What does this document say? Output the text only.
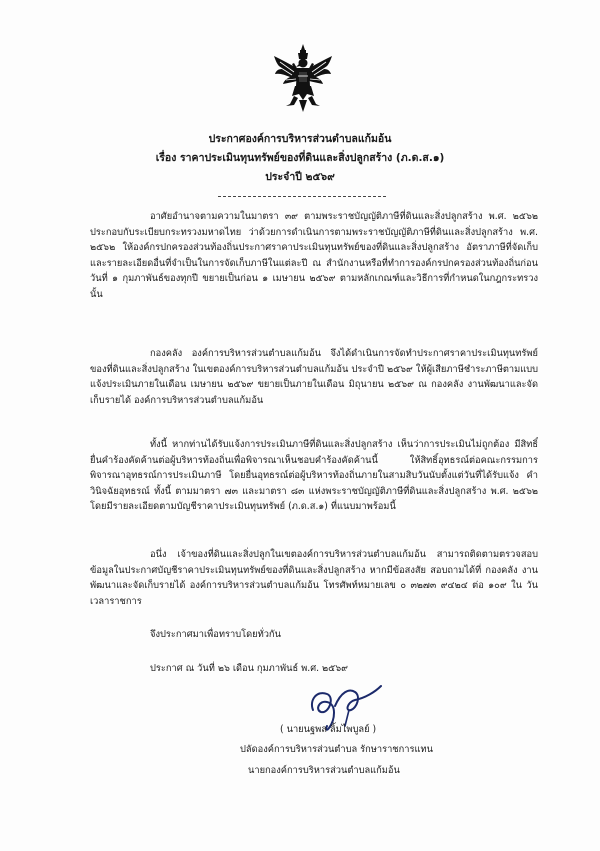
ประกาศองค์การบริหารส่วนตำบลแก้มอ้น
เรื่อง ราคาประเมินทุนทรัพย์ของที่ดินและสิ่งปลูกสร้าง (ภ.ด.ส.๑)
ประจำปี ๒๕๖๙
อาศัยอำนาจตามความในมาตรา ๓๙ ตามพระราชบัญญัติภาษีที่ดินและสิ่งปลูกสร้าง พ.ศ. ๒๕๖๒ ประกอบกับระเบียบกระทรวงมหาดไทย ว่าด้วยการดำเนินการตามพระราชบัญญัติภาษีที่ดินและสิ่งปลูกสร้าง พ.ศ. ๒๕๖๒ ให้องค์กรปกครองส่วนท้องถิ่นประกาศราคาประเมินทุนทรัพย์ของที่ดินและสิ่งปลูกสร้าง อัตราภาษีที่จัดเก็บ และรายละเอียดอื่นที่จำเป็นในการจัดเก็บภาษีในแต่ละปี ณ สำนักงานหรือที่ทำการองค์กรปกครองส่วนท้องถิ่นก่อนวันที่ ๑ กุมภาพันธ์ของทุกปี ขยายเป็นก่อน ๑ เมษายน ๒๕๖๙ ตามหลักเกณฑ์และวิธีการที่กำหนดในกฎกระทรวง นั้น
กองคลัง องค์การบริหารส่วนตำบลแก้มอ้น จึงได้ดำเนินการจัดทำประกาศราคาประเมินทุนทรัพย์ของที่ดินและสิ่งปลูกสร้าง ในเขตองค์การบริหารส่วนตำบลแก้มอ้น ประจำปี ๒๕๖๙ ให้ผู้เสียภาษีชำระภาษีตามแบบแจ้งประเมินภายในเดือน เมษายน ๒๕๖๙ ขยายเป็นภายในเดือน มิถุนายน ๒๕๖๙ ณ กองคลัง งานพัฒนาและจัดเก็บรายได้ องค์การบริหารส่วนตำบลแก้มอ้น
ทั้งนี้ หากท่านได้รับแจ้งการประเมินภาษีที่ดินและสิ่งปลูกสร้าง เห็นว่าการประเมินไม่ถูกต้อง มีสิทธิ์ยื่นคำร้องคัดค้านต่อผู้บริหารท้องถิ่นเพื่อพิจารณาเห็นชอบคำร้องคัดค้านนี้ ให้สิทธิ์อุทธรณ์ต่อคณะกรรมการพิจารณาอุทธรณ์การประเมินภาษี โดยยื่นอุทธรณ์ต่อผู้บริหารท้องถิ่นภายในสามสิบวันนับตั้งแต่วันที่ได้รับแจ้ง คำวินิจฉัยอุทธรณ์ ทั้งนี้ ตามมาตรา ๗๓ และมาตรา ๘๓ แห่งพระราชบัญญัติภาษีที่ดินและสิ่งปลูกสร้าง พ.ศ. ๒๕๖๒ โดยมีรายละเอียดตามบัญชีราคาประเมินทุนทรัพย์ (ภ.ด.ส.๑) ที่แนบมาพร้อมนี้
อนึ่ง เจ้าของที่ดินและสิ่งปลูกในเขตองค์การบริหารส่วนตำบลแก้มอ้น สามารถติดตามตรวจสอบข้อมูลในประกาศบัญชีราคาประเมินทุนทรัพย์ของที่ดินและสิ่งปลูกสร้าง หากมีข้อสงสัย สอบถามได้ที่ กองคลัง งานพัฒนาและจัดเก็บรายได้ องค์การบริหารส่วนตำบลแก้มอ้น โทรศัพท์หมายเลข ๐ ๓๒๗๓ ๙๔๒๔ ต่อ ๑๐๙ ใน วันเวลาราชการ
จึงประกาศมาเพื่อทราบโดยทั่วกัน
ประกาศ ณ วันที่ ๒๖ เดือน กุมภาพันธ์ พ.ศ. ๒๕๖๙
( นายนฐพล ลิ้มไพบูลย์ )
ปลัดองค์การบริหารส่วนตำบล รักษาราชการแทน
นายกองค์การบริหารส่วนตำบลแก้มอ้น
